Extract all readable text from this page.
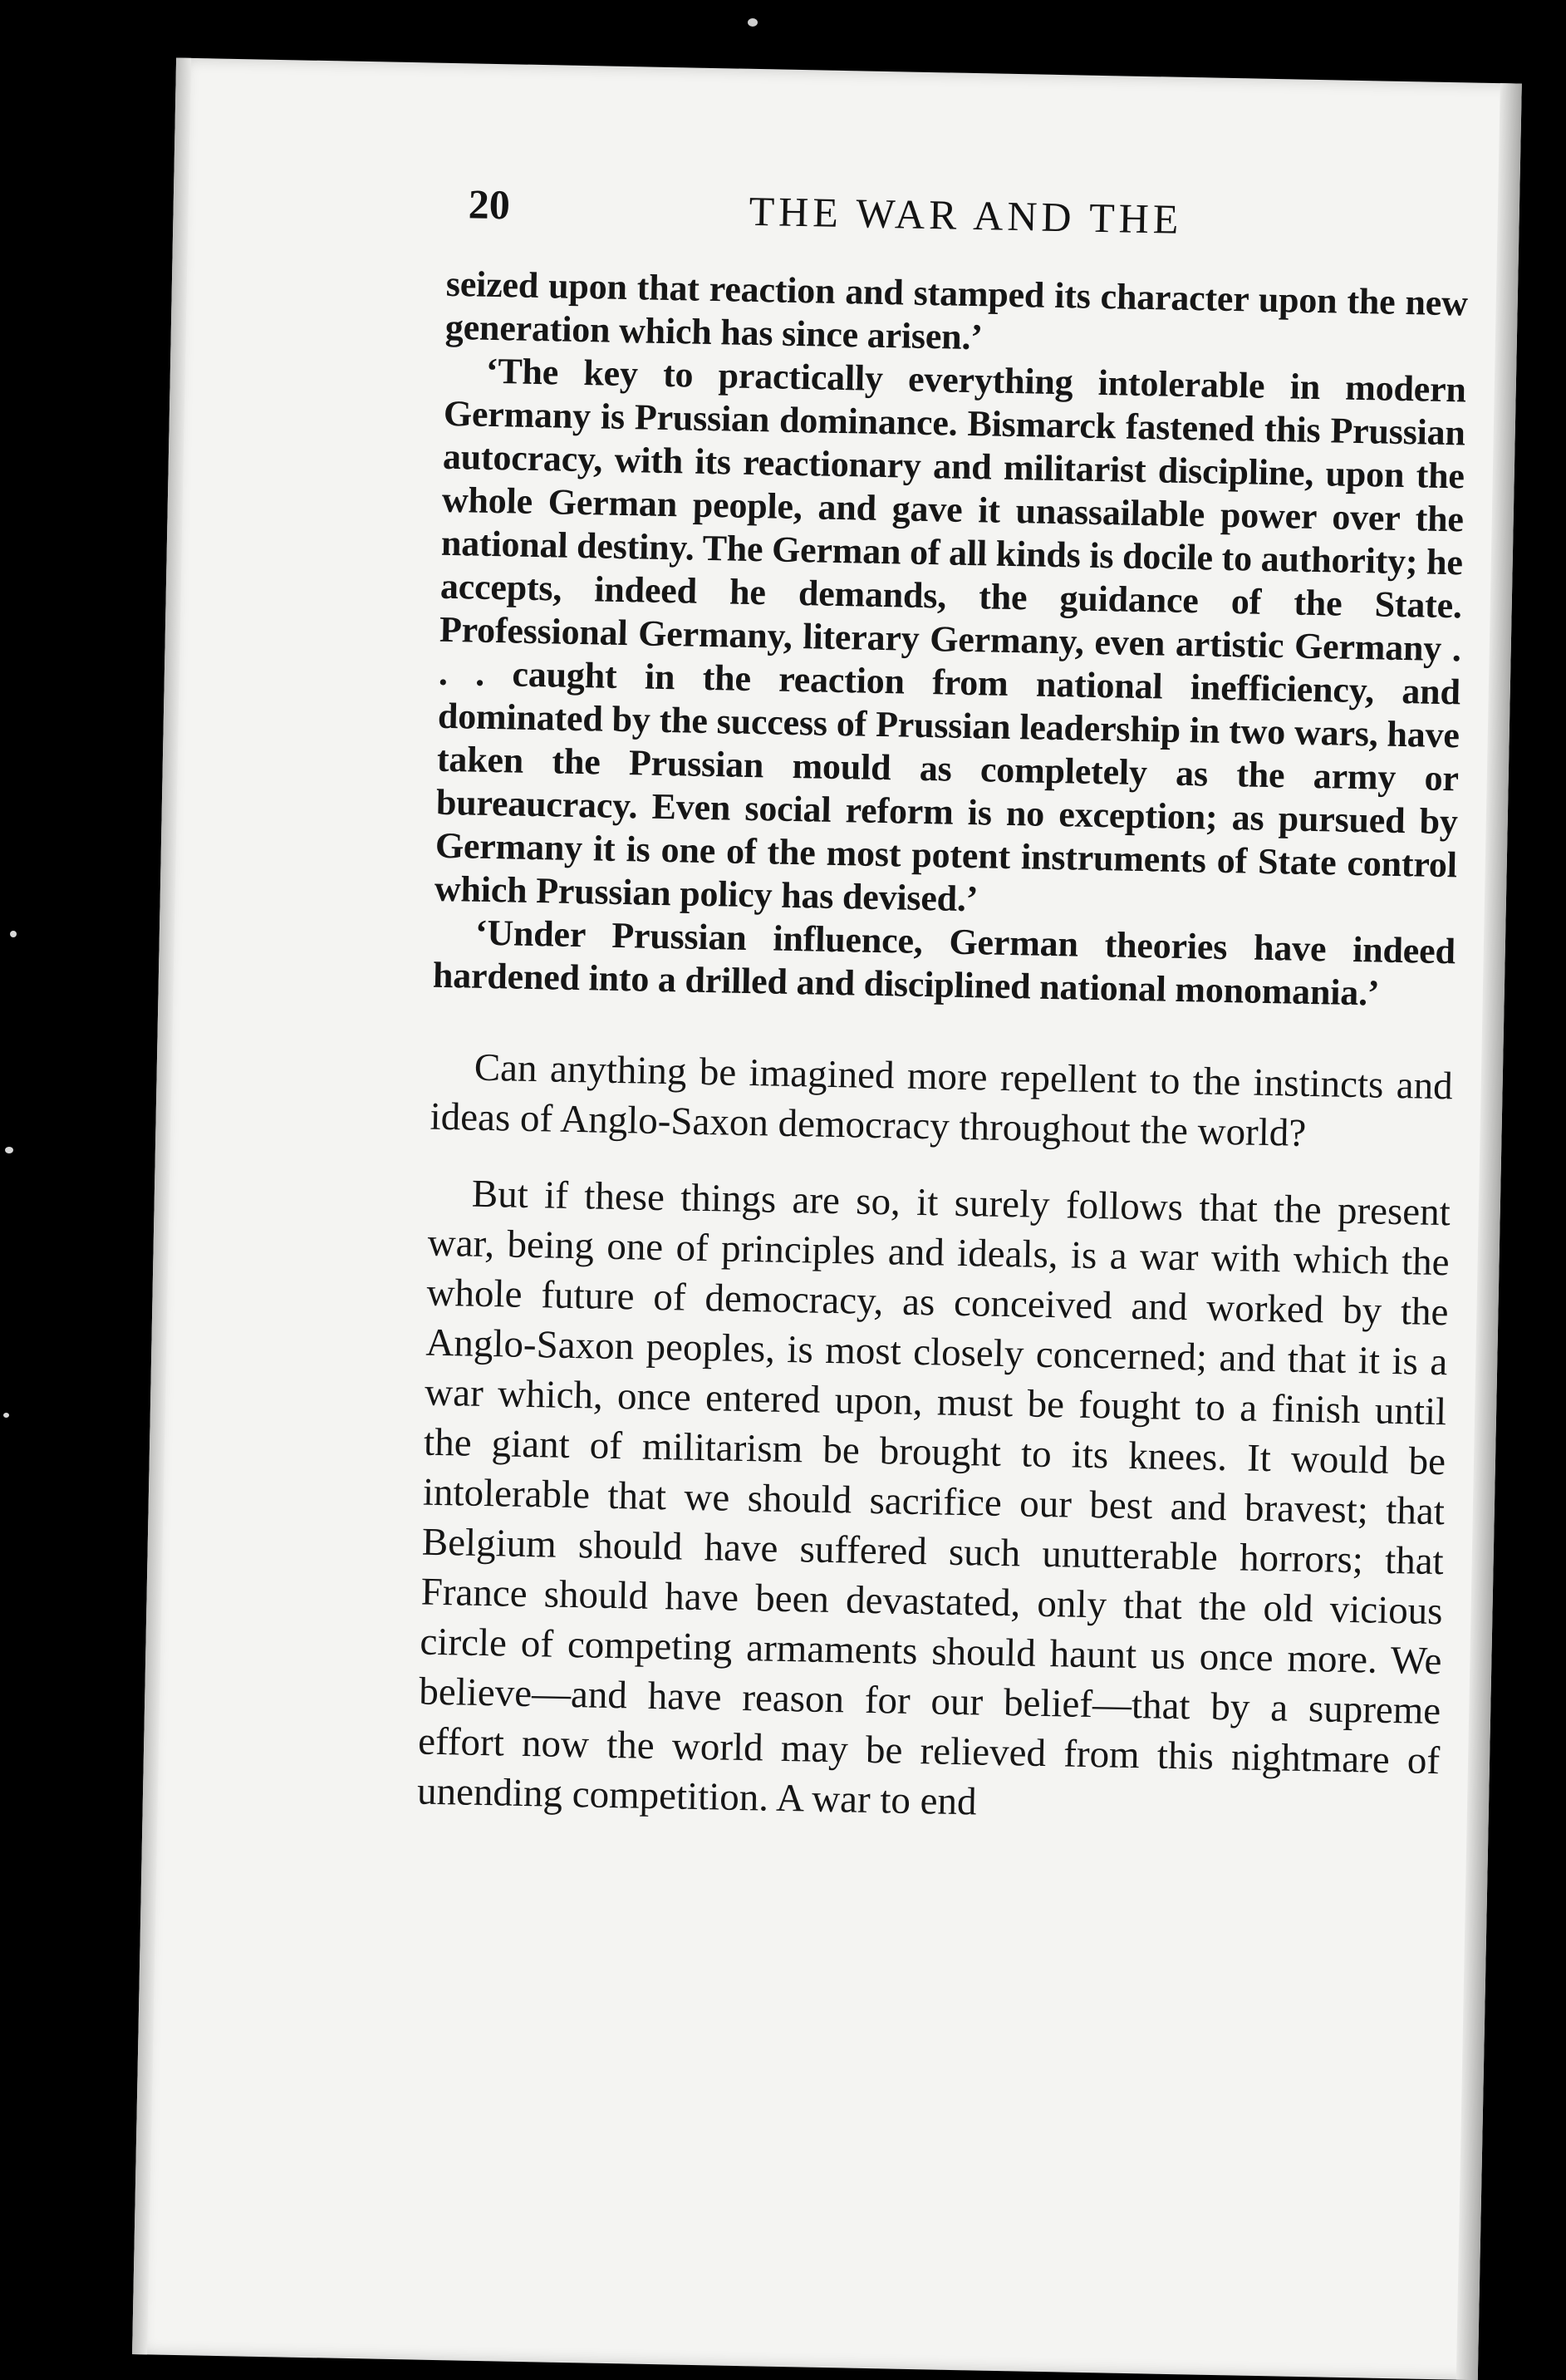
20	THE WAR AND THE

seized upon that reaction and stamped its character upon the new generation which has since arisen.’

‘The key to practically everything intolerable in modern Germany is Prussian dominance. Bismarck fastened this Prussian autocracy, with its reactionary and militarist discipline, upon the whole German people, and gave it unassailable power over the national destiny. The German of all kinds is docile to authority; he accepts, indeed he demands, the guidance of the State. Professional Germany, literary Germany, even artistic Germany . . . caught in the reaction from national inefficiency, and dominated by the success of Prussian leadership in two wars, have taken the Prussian mould as completely as the army or bureaucracy. Even social reform is no exception; as pursued by Germany it is one of the most potent instruments of State control which Prussian policy has devised.’

‘Under Prussian influence, German theories have indeed hardened into a drilled and disciplined national monomania.’

Can anything be imagined more repellent to the instincts and ideas of Anglo-Saxon democracy throughout the world?

But if these things are so, it surely follows that the present war, being one of principles and ideals, is a war with which the whole future of democracy, as conceived and worked by the Anglo-Saxon peoples, is most closely concerned; and that it is a war which, once entered upon, must be fought to a finish until the giant of militarism be brought to its knees. It would be intolerable that we should sacrifice our best and bravest; that Belgium should have suffered such unutterable horrors; that France should have been devastated, only that the old vicious circle of competing armaments should haunt us once more. We believe—and have reason for our belief—that by a supreme effort now the world may be relieved from this nightmare of unending competition. A war to end
